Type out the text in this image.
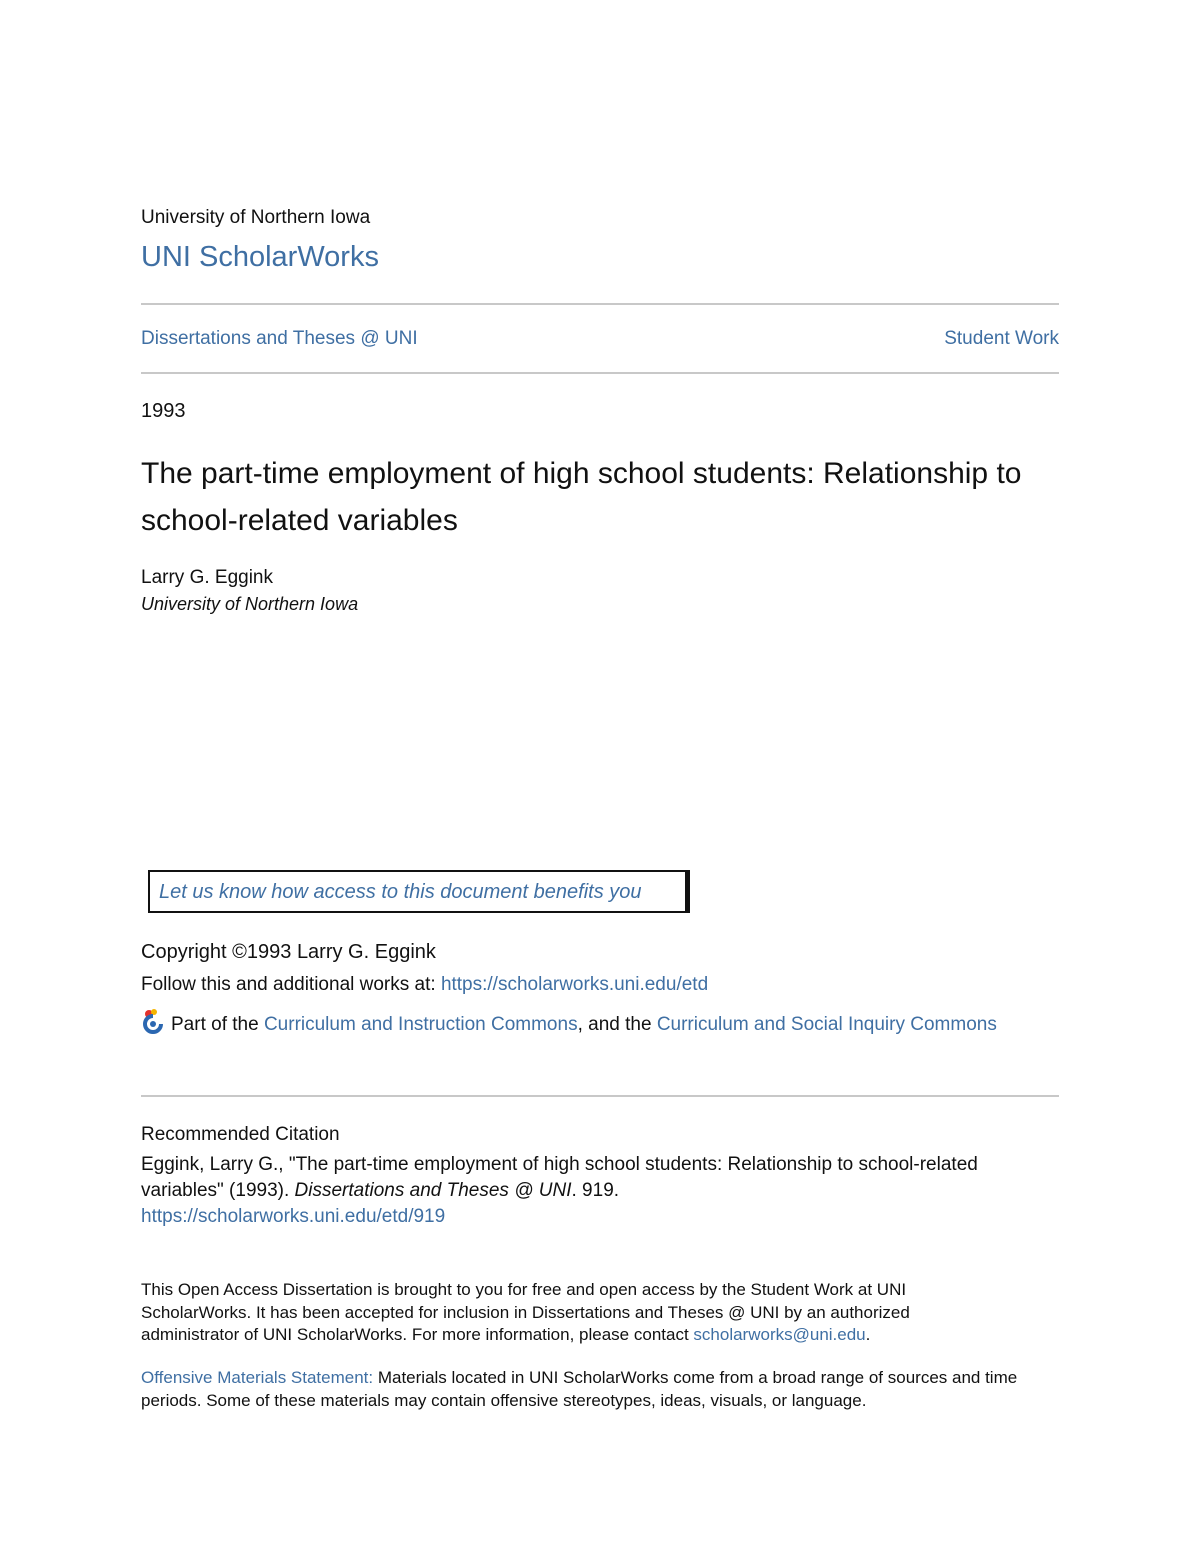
University of Northern Iowa
UNI ScholarWorks
Dissertations and Theses @ UNI	Student Work
1993
The part-time employment of high school students: Relationship to school-related variables
Larry G. Eggink
University of Northern Iowa
Let us know how access to this document benefits you
Copyright ©1993 Larry G. Eggink
Follow this and additional works at: https://scholarworks.uni.edu/etd
Part of the Curriculum and Instruction Commons, and the Curriculum and Social Inquiry Commons
Recommended Citation
Eggink, Larry G., "The part-time employment of high school students: Relationship to school-related variables" (1993). Dissertations and Theses @ UNI. 919.
https://scholarworks.uni.edu/etd/919
This Open Access Dissertation is brought to you for free and open access by the Student Work at UNI ScholarWorks. It has been accepted for inclusion in Dissertations and Theses @ UNI by an authorized administrator of UNI ScholarWorks. For more information, please contact scholarworks@uni.edu.
Offensive Materials Statement: Materials located in UNI ScholarWorks come from a broad range of sources and time periods. Some of these materials may contain offensive stereotypes, ideas, visuals, or language.
